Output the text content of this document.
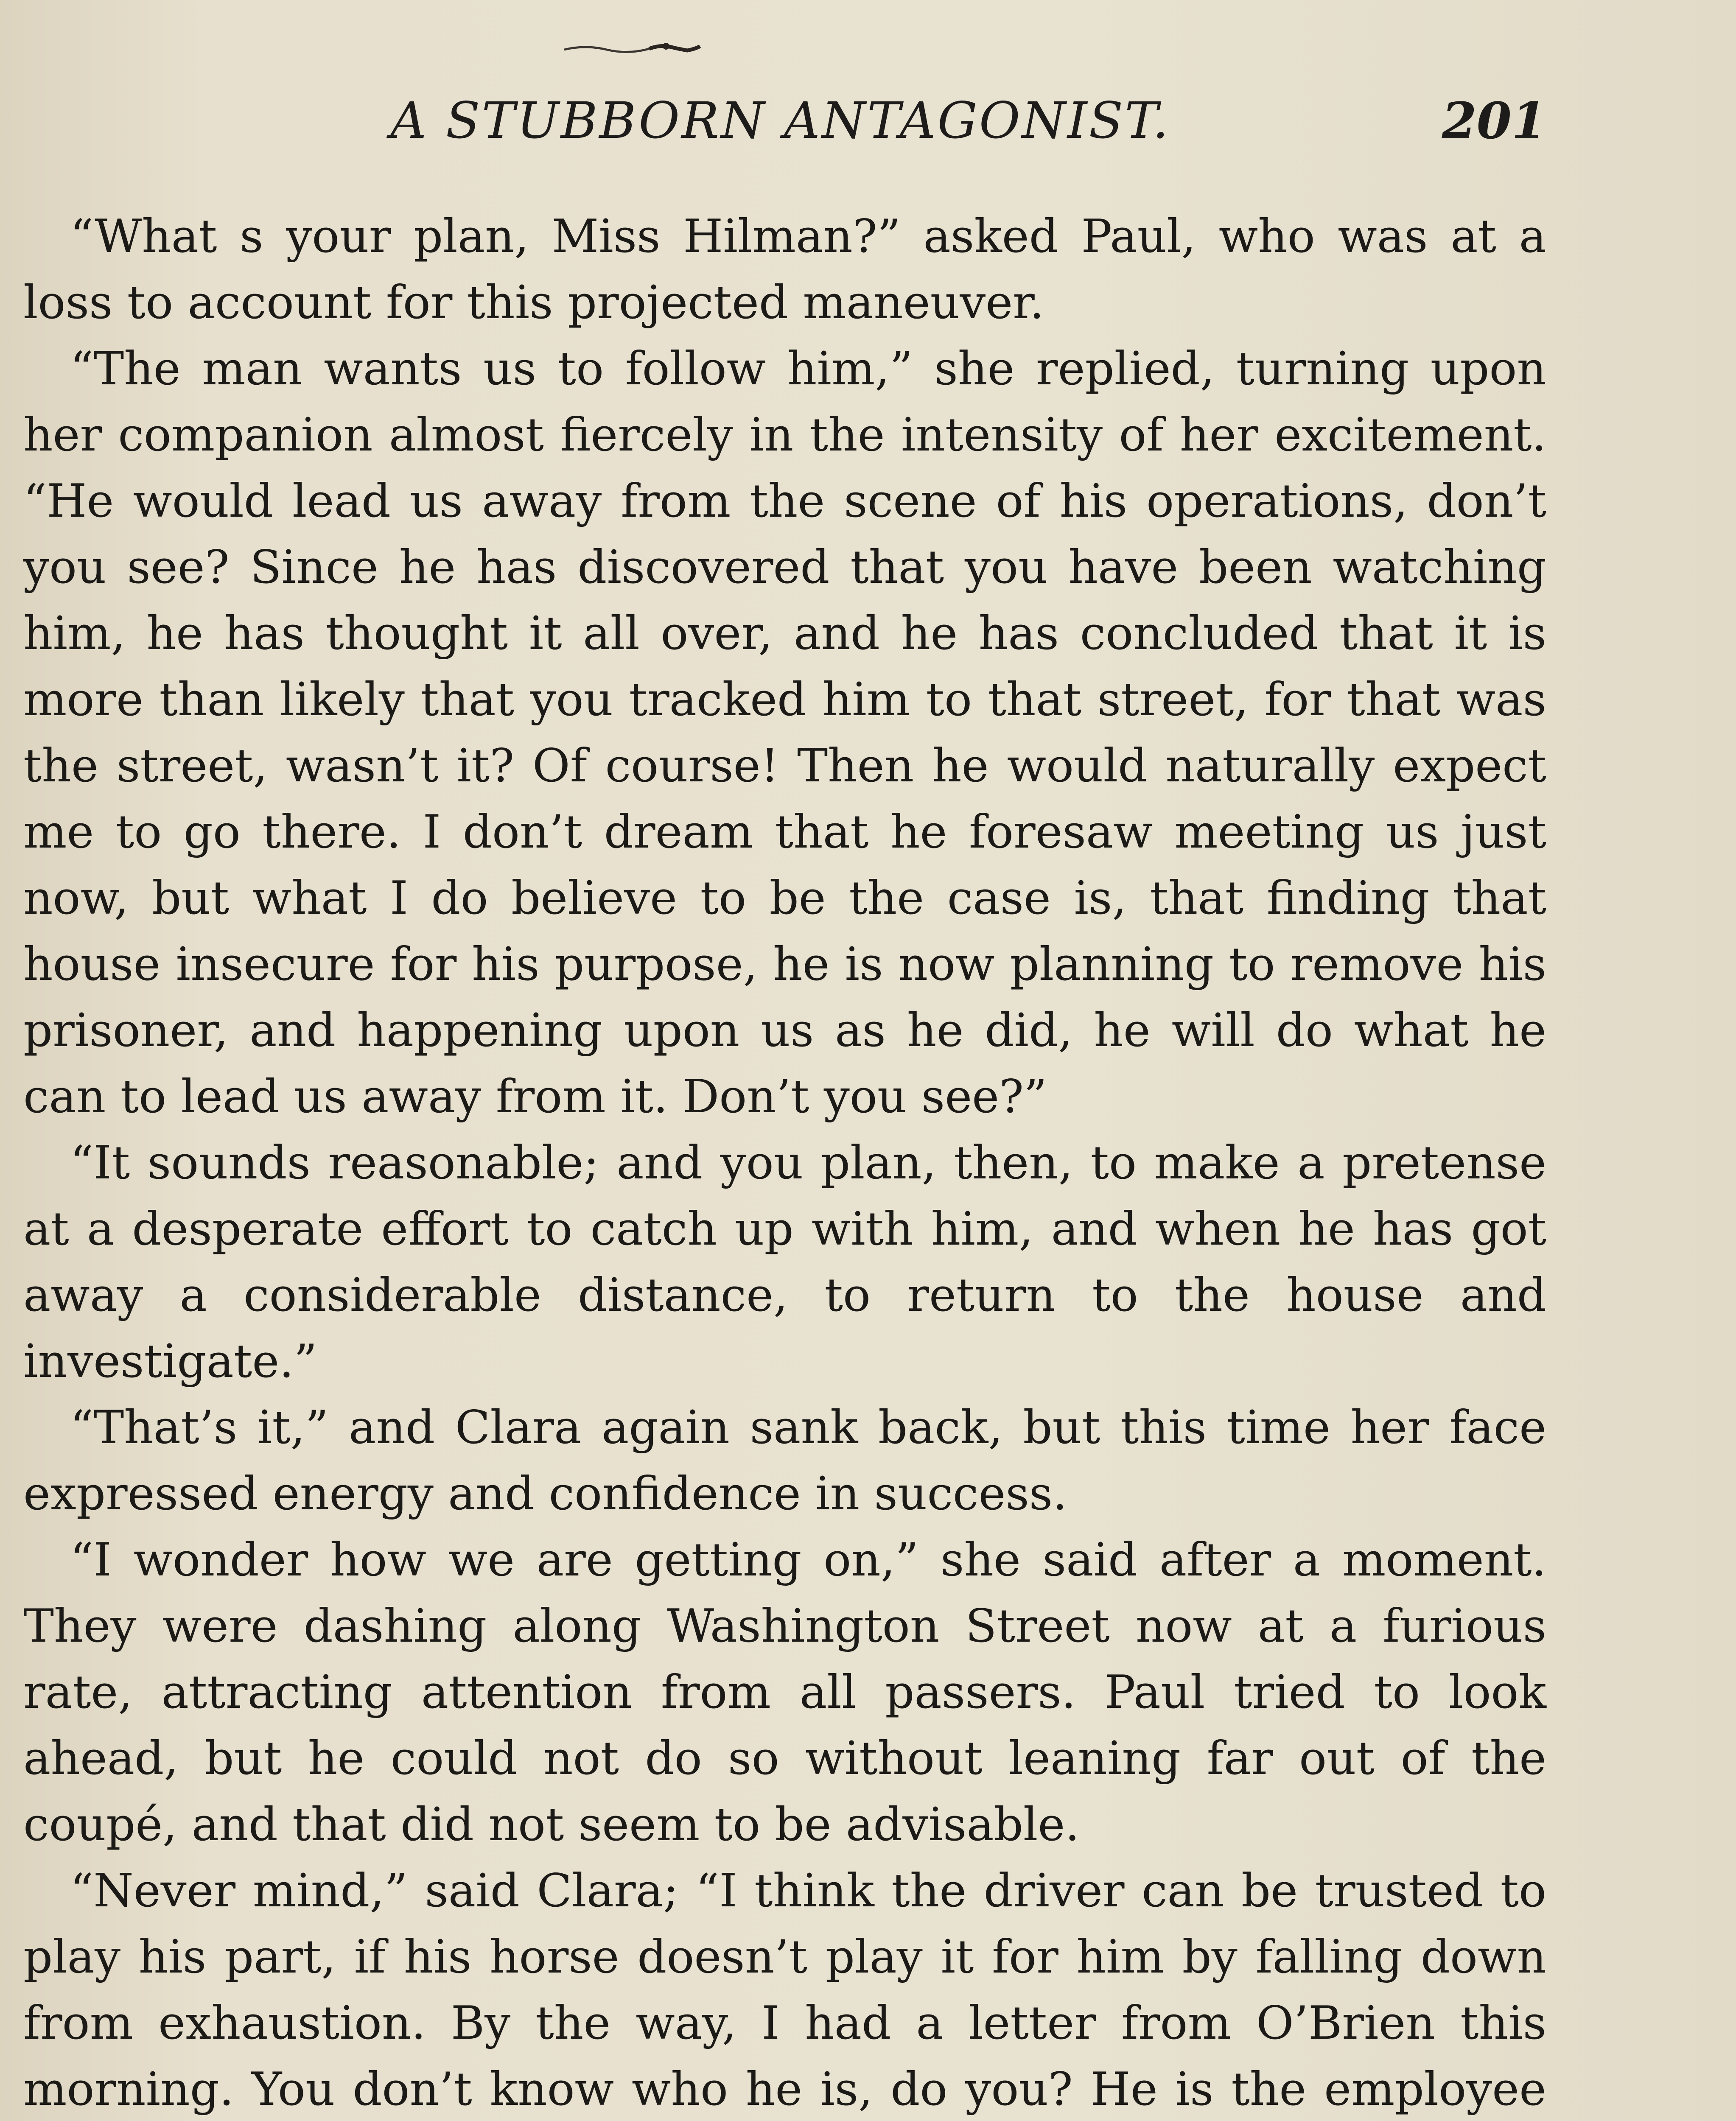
A STUBBORN ANTAGONIST.	201

“What s your plan, Miss Hilman?” asked Paul, who was at a loss to account for this projected maneuver.

“The man wants us to follow him,” she replied, turning upon her companion almost fiercely in the intensity of her excitement. “He would lead us away from the scene of his operations, don’t you see? Since he has discovered that you have been watching him, he has thought it all over, and he has concluded that it is more than likely that you tracked him to that street, for that was the street, wasn’t it? Of course! Then he would naturally expect me to go there. I don’t dream that he foresaw meeting us just now, but what I do believe to be the case is, that finding that house insecure for his purpose, he is now planning to remove his prisoner, and happening upon us as he did, he will do what he can to lead us away from it. Don’t you see?”

“It sounds reasonable; and you plan, then, to make a pretense at a desperate effort to catch up with him, and when he has got away a considerable distance, to return to the house and investigate.”

“That’s it,” and Clara again sank back, but this time her face expressed energy and confidence in success.

“I wonder how we are getting on,” she said after a moment. They were dashing along Washington Street now at a furious rate, attracting attention from all passers. Paul tried to look ahead, but he could not do so without leaning far out of the coupé, and that did not seem to be advisable.

“Never mind,” said Clara; “I think the driver can be trusted to play his part, if his horse doesn’t play it for him by falling down from exhaustion. By the way, I had a letter from O’Brien this morning. You don’t know who he is, do you? He is the employee
